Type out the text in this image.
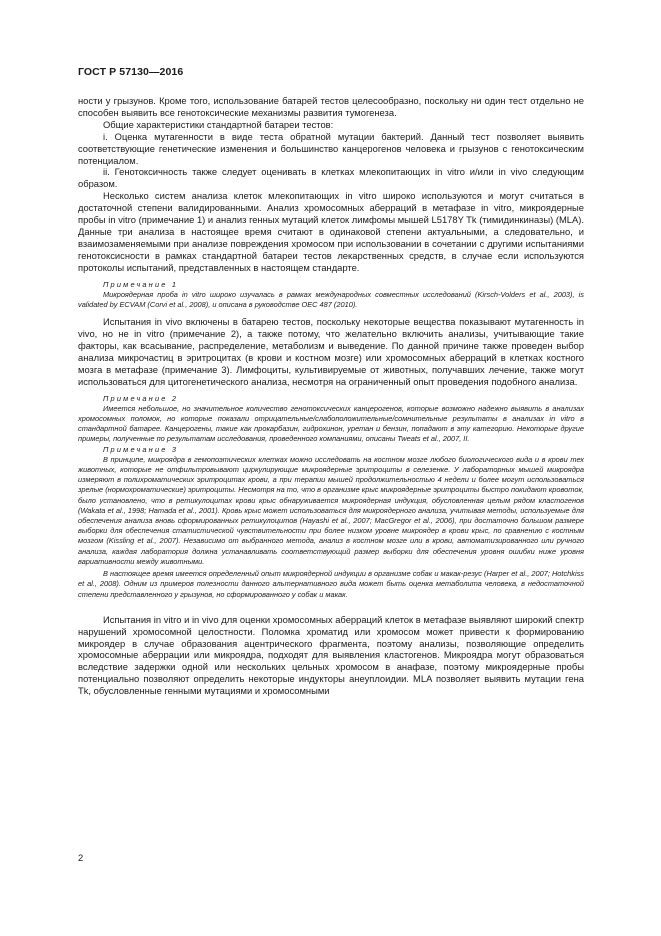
ГОСТ Р 57130—2016

ности у грызунов. Кроме того, использование батарей тестов целесообразно, поскольку ни один тест отдельно не способен выявить все генотоксические механизмы развития тумогенеза.

Общие характеристики стандартной батареи тестов:

i. Оценка мутагенности в виде теста обратной мутации бактерий. Данный тест позволяет выявить соответствующие генетические изменения и большинство канцерогенов человека и грызунов с генотоксическим потенциалом.

ii. Генотоксичность также следует оценивать в клетках млекопитающих in vitro и/или in vivo следующим образом.

Несколько систем анализа клеток млекопитающих in vitro широко используются и могут считаться в достаточной степени валидированными. Анализ хромосомных аберраций в метафазе in vitro, микроядерные пробы in vitro (примечание 1) и анализ генных мутаций клеток лимфомы мышей L5178Y Tk (тимидинкиназы) (MLA). Данные три анализа в настоящее время считают в одинаковой степени актуальными, а следовательно, и взаимозаменяемыми при анализе повреждения хромосом при использовании в сочетании с другими испытаниями генотоксисности в рамках стандартной батареи тестов лекарственных средств, в случае если используются протоколы испытаний, представленных в настоящем стандарте.

Примечание 1

Микроядерная проба in vitro широко изучалась в рамках международных совместных исследований (Kirsch-Volders et al., 2003), is validated by ECVAM (Corvi et al., 2008), и описана в руководстве ОЕС 487 (2010).

Испытания in vivo включены в батарею тестов, поскольку некоторые вещества показывают мутагенность in vivo, но не in vitro (примечание 2), а также потому, что желательно включить анализы, учитывающие такие факторы, как всасывание, распределение, метаболизм и выведение. По данной причине также проведен выбор анализа микрочастиц в эритроцитах (в крови и костном мозге) или хромосомных аберраций в клетках костного мозга в метафазе (примечание 3). Лимфоциты, культивируемые от животных, получавших лечение, также могут использоваться для цитогенетического анализа, несмотря на ограниченный опыт проведения подобного анализа.

Примечание 2

Имеется небольшое, но значительное количество генотоксических канцерогенов, которые возможно надежно выявить в анализах хромосомных поломок, но которые показали отрицательные/слабоположительные/сомнительные результаты в анализах in vitro в стандартной батарее. Канцерогены, такие как прокарбазин, гидрохинон, уретан и бензин, попадают в эту категорию. Некоторые другие примеры, полученные по результатам исследования, проведенного компаниями, описаны Tweats et al., 2007, II.

Примечание 3

В принципе, микроядра в гемопоэтических клетках можно исследовать на костном мозге любого биологического вида и в крови тех животных, которые не отфильтровывают циркулирующие микроядерные эритроциты в селезенке. У лабораторных мышей микроядра измеряют в полихроматических эритроцитах крови, а при терапии мышей продолжительностью 4 недели и более могут использоваться зрелые (нормохроматические) эритроциты. Несмотря на то, что в организме крыс микроядерные эритроциты быстро покидают кровоток, было установлено, что в ретикулоцитах крови крыс обнаруживается микроядерная индукция, обусловленная целым рядом кластогенов (Wakata et al., 1998; Hamada et al., 2001). Кровь крыс может использоваться для микроядерного анализа, учитывая методы, используемые для обеспечения анализа вновь сформированных ретикулоцитов (Hayashi et al., 2007; MacGregor et al., 2006), при достаточно большом размере выборки для обеспечения статистической чувствительности при более низком уровне микроядер в крови крыс, по сравнению с костным мозгом (Kissling et al., 2007). Независимо от выбранного метода, анализ в костном мозге или в крови, автоматизированного или ручного анализа, каждая лаборатория должна устанавливать соответствующий размер выборки для обеспечения уровня ошибки ниже уровня вариативности между животными.

В настоящее время имеется определенный опыт микроядерной индукции в организме собак и макак-резус (Harper et al., 2007; Hotchkiss et al., 2008). Одним из примеров полезности данного альтернативного вида может быть оценка метаболита человека, в недостаточной степени представленного у грызунов, но сформированного у собак и макак.

Испытания in vitro и in vivo для оценки хромосомных аберраций клеток в метафазе выявляют широкий спектр нарушений хромосомной целостности. Поломка хроматид или хромосом может привести к формированию микроядер в случае образования ацентрического фрагмента, поэтому анализы, позволяющие определить хромосомные аберрации или микроядра, подходят для выявления кластогенов. Микроядра могут образоваться вследствие задержки одной или нескольких цельных хромосом в анафазе, поэтому микроядерные пробы потенциально позволяют определить некоторые индукторы анеуплоидии. MLA позволяет выявить мутации гена Tk, обусловленные генными мутациями и хромосомными

2
